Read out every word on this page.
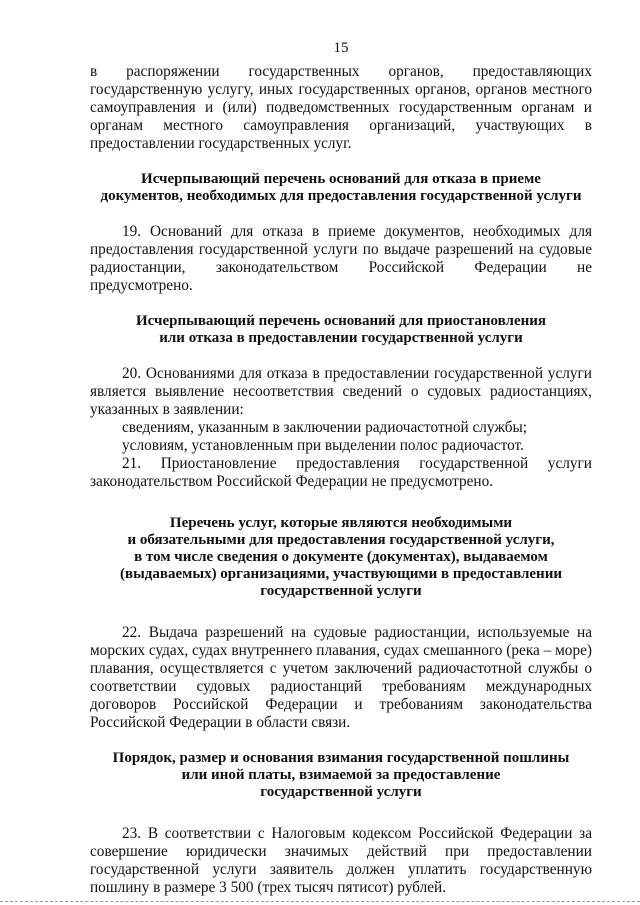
15

в распоряжении государственных органов, предоставляющих государственную услугу, иных государственных органов, органов местного самоуправления и (или) подведомственных государственным органам и органам местного самоуправления организаций, участвующих в предоставлении государственных услуг.

Исчерпывающий перечень оснований для отказа в приеме
документов, необходимых для предоставления государственной услуги

19. Оснований для отказа в приеме документов, необходимых для предоставления государственной услуги по выдаче разрешений на судовые радиостанции, законодательством Российской Федерации не предусмотрено.

Исчерпывающий перечень оснований для приостановления
или отказа в предоставлении государственной услуги

20. Основаниями для отказа в предоставлении государственной услуги является выявление несоответствия сведений о судовых радиостанциях, указанных в заявлении:

сведениям, указанным в заключении радиочастотной службы;
условиям, установленным при выделении полос радиочастот.

21. Приостановление предоставления государственной услуги законодательством Российской Федерации не предусмотрено.

Перечень услуг, которые являются необходимыми
и обязательными для предоставления государственной услуги,
в том числе сведения о документе (документах), выдаваемом
(выдаваемых) организациями, участвующими в предоставлении
государственной услуги

22. Выдача разрешений на судовые радиостанции, используемые на морских судах, судах внутреннего плавания, судах смешанного (река – море) плавания, осуществляется с учетом заключений радиочастотной службы о соответствии судовых радиостанций требованиям международных договоров Российской Федерации и требованиям законодательства Российской Федерации в области связи.

Порядок, размер и основания взимания государственной пошлины
или иной платы, взимаемой за предоставление
государственной услуги

23. В соответствии с Налоговым кодексом Российской Федерации за совершение юридически значимых действий при предоставлении государственной услуги заявитель должен уплатить государственную пошлину в размере 3 500 (трех тысяч пятисот) рублей.
